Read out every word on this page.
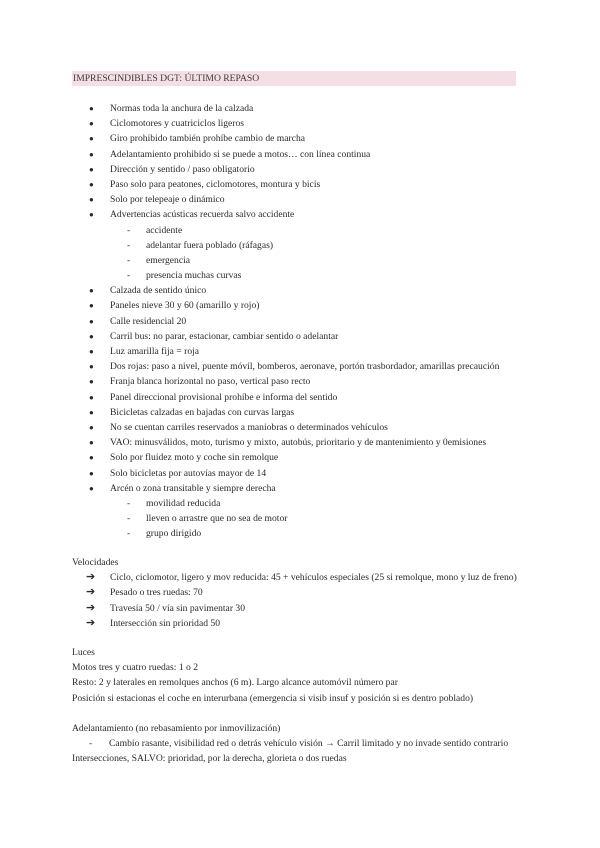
IMPRESCINDIBLES DGT: ÚLTIMO REPASO
● Normas toda la anchura de la calzada
● Ciclomotores y cuatriciclos ligeros
● Giro prohibido también prohíbe cambio de marcha
● Adelantamiento prohibido si se puede a motos… con línea continua
● Dirección y sentido / paso obligatorio
● Paso solo para peatones, ciclomotores, montura y bicis
● Solo por telepeaje o dinámico
● Advertencias acústicas recuerda salvo accidente
- accidente
- adelantar fuera poblado (ráfagas)
- emergencia
- presencia muchas curvas
● Calzada de sentido único
● Paneles nieve 30 y 60 (amarillo y rojo)
● Calle residencial 20
● Carril bus: no parar, estacionar, cambiar sentido o adelantar
● Luz amarilla fija = roja
● Dos rojas: paso a nivel, puente móvil, bomberos, aeronave, portón trasbordador, amarillas precaución
● Franja blanca horizontal no paso, vertical paso recto
● Panel direccional provisional prohíbe e informa del sentido
● Bicicletas calzadas en bajadas con curvas largas
● No se cuentan carriles reservados a maniobras o determinados vehículos
● VAO: minusválidos, moto, turismo y mixto, autobús, prioritario y de mantenimiento y 0emisiones
● Solo por fluidez moto y coche sin remolque
● Solo bicicletas por autovías mayor de 14
● Arcén o zona transitable y siempre derecha
- movilidad reducida
- lleven o arrastre que no sea de motor
- grupo dirigido
Velocidades
➔ Ciclo, ciclomotor, ligero y mov reducida: 45 + vehículos especiales (25 si remolque, mono y luz de freno)
➔ Pesado o tres ruedas: 70
➔ Travesía 50 / vía sin pavimentar 30
➔ Intersección sin prioridad 50
Luces
Motos tres y cuatro ruedas: 1 o 2
Resto: 2 y laterales en remolques anchos (6 m). Largo alcance automóvil número par
Posición si estacionas el coche en interurbana (emergencia si visib insuf y posición si es dentro poblado)
Adelantamiento (no rebasamiento por inmovilización)
- Cambio rasante, visibilidad red o detrás vehículo visión → Carril limitado y no invade sentido contrario
Intersecciones, SALVO: prioridad, por la derecha, glorieta o dos ruedas
